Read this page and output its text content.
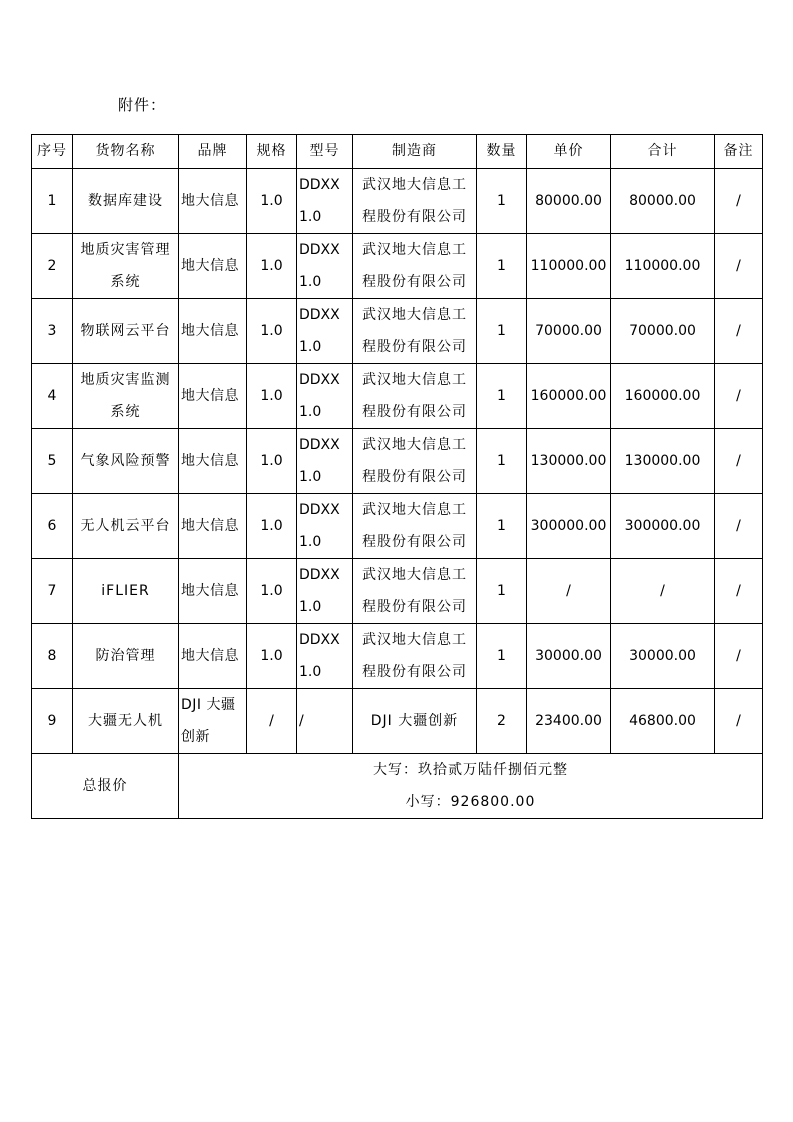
附件：
序号	货物名称	品牌	规格	型号	制造商	数量	单价	合计	备注

1	数据库建设	地大信息	1.0	DDXX1.0	武汉地大信息工程股份有限公司	1	80000.00	80000.00	/

2	地质灾害管理系统	地大信息	1.0	DDXX1.0	武汉地大信息工程股份有限公司	1	110000.00	110000.00	/

3	物联网云平台	地大信息	1.0	DDXX1.0	武汉地大信息工程股份有限公司	1	70000.00	70000.00	/

4	地质灾害监测系统	地大信息	1.0	DDXX1.0	武汉地大信息工程股份有限公司	1	160000.00	160000.00	/

5	气象风险预警	地大信息	1.0	DDXX1.0	武汉地大信息工程股份有限公司	1	130000.00	130000.00	/

6	无人机云平台	地大信息	1.0	DDXX1.0	武汉地大信息工程股份有限公司	1	300000.00	300000.00	/

7	iFLIER	地大信息	1.0	DDXX1.0	武汉地大信息工程股份有限公司	1	/	/	/

8	防治管理	地大信息	1.0	DDXX1.0	武汉地大信息工程股份有限公司	1	30000.00	30000.00	/

9	大疆无人机	DJI 大疆创新	/	/	DJI 大疆创新	2	23400.00	46800.00	/

总报价		大写：玖拾贰万陆仟捌佰元整
小写：926800.00							
